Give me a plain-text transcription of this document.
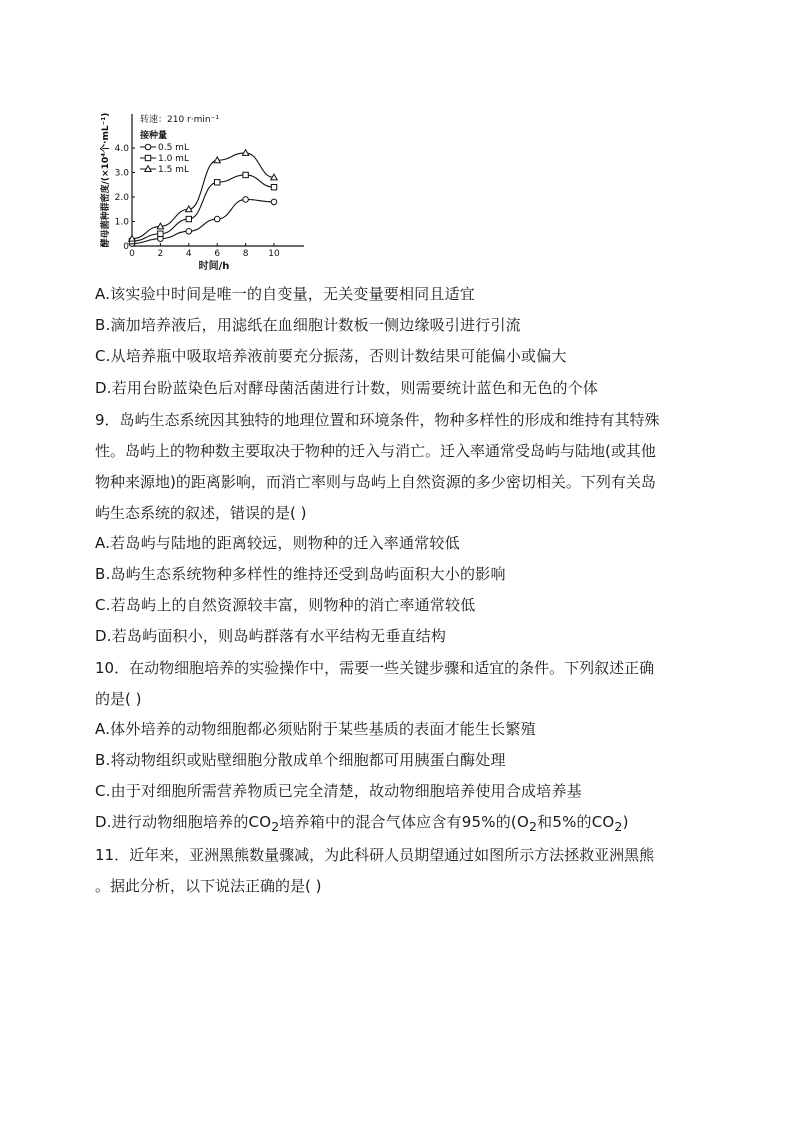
0	2	4	6	8 10
0
1.0
2.0
3.0
4.0
时间/h
酵母菌种群密度/(×10⁴个·mL⁻¹)	转速：210 r·min⁻¹
接种量
0.5 mL
1.0 mL
1.5 mL
A.该实验中时间是唯一的自变量，无关变量要相同且适宜
B.滴加培养液后，用滤纸在血细胞计数板一侧边缘吸引进行引流
C.从培养瓶中吸取培养液前要充分振荡，否则计数结果可能偏小或偏大
D.若用台盼蓝染色后对酵母菌活菌进行计数，则需要统计蓝色和无色的个体
9．岛屿生态系统因其独特的地理位置和环境条件，物种多样性的形成和维持有其特殊
性。岛屿上的物种数主要取决于物种的迁入与消亡。迁入率通常受岛屿与陆地(或其他
物种来源地)的距离影响，而消亡率则与岛屿上自然资源的多少密切相关。下列有关岛
屿生态系统的叙述，错误的是( )
A.若岛屿与陆地的距离较远，则物种的迁入率通常较低
B.岛屿生态系统物种多样性的维持还受到岛屿面积大小的影响
C.若岛屿上的自然资源较丰富，则物种的消亡率通常较低
D.若岛屿面积小，则岛屿群落有水平结构无垂直结构
10．在动物细胞培养的实验操作中，需要一些关键步骤和适宜的条件。下列叙述正确
的是( )
A.体外培养的动物细胞都必须贴附于某些基质的表面才能生长繁殖
B.将动物组织或贴壁细胞分散成单个细胞都可用胰蛋白酶处理
C.由于对细胞所需营养物质已完全清楚，故动物细胞培养使用合成培养基
D.进行动物细胞培养的$CO_2$培养箱中的混合气体应含有95%的($O_2$和5%的$CO_2$)
11．近年来，亚洲黑熊数量骤减，为此科研人员期望通过如图所示方法拯救亚洲黑熊
。据此分析，以下说法正确的是( )
